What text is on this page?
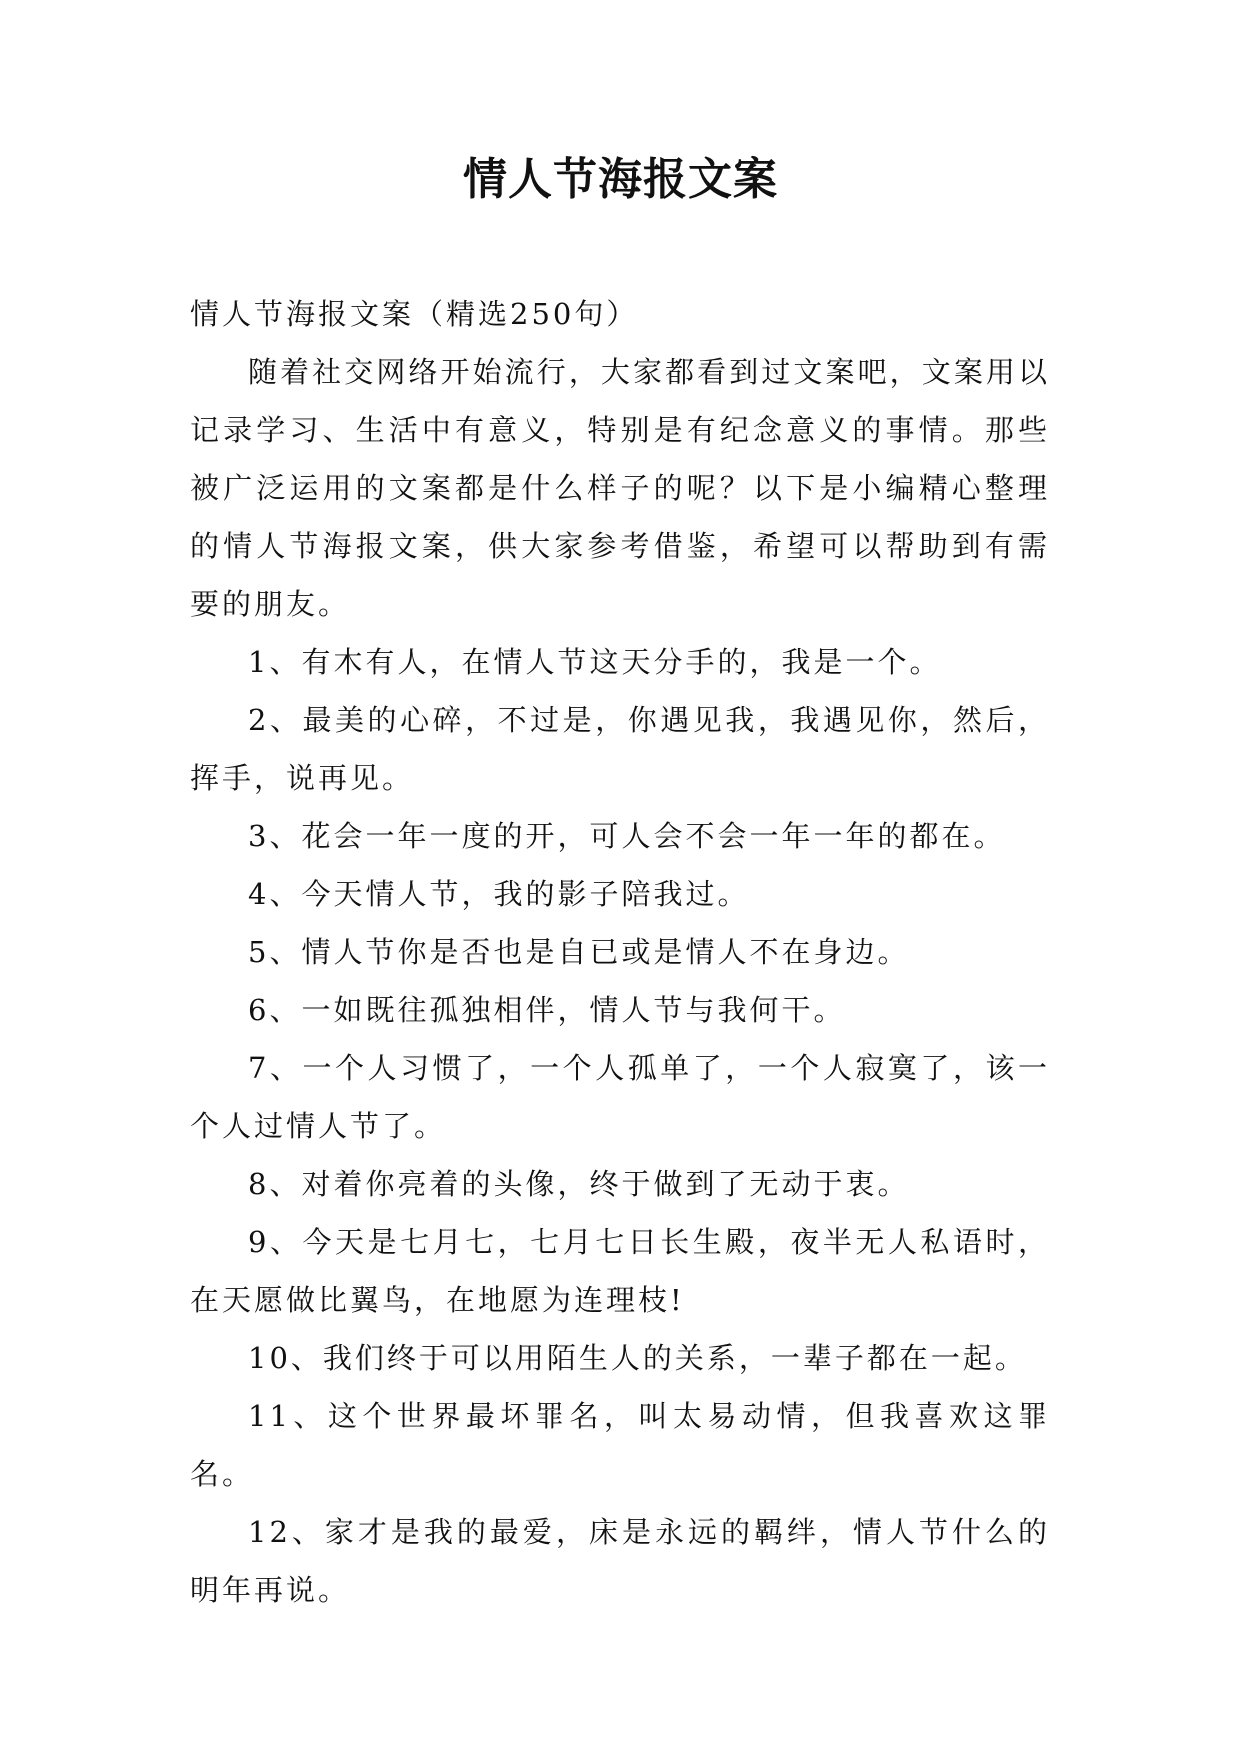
情人节海报文案

情人节海报文案（精选250句）

随着社交网络开始流行，大家都看到过文案吧，文案用以记录学习、生活中有意义，特别是有纪念意义的事情。那些被广泛运用的文案都是什么样子的呢？以下是小编精心整理的情人节海报文案，供大家参考借鉴，希望可以帮助到有需要的朋友。

1、有木有人，在情人节这天分手的，我是一个。

2、最美的心碎，不过是，你遇见我，我遇见你，然后，挥手，说再见。

3、花会一年一度的开，可人会不会一年一年的都在。

4、今天情人节，我的影子陪我过。

5、情人节你是否也是自已或是情人不在身边。

6、一如既往孤独相伴，情人节与我何干。

7、一个人习惯了，一个人孤单了，一个人寂寞了，该一个人过情人节了。

8、对着你亮着的头像，终于做到了无动于衷。

9、今天是七月七，七月七日长生殿，夜半无人私语时，在天愿做比翼鸟，在地愿为连理枝!

10、我们终于可以用陌生人的关系，一辈子都在一起。

11、这个世界最坏罪名，叫太易动情，但我喜欢这罪名。

12、家才是我的最爱，床是永远的羁绊，情人节什么的明年再说。
